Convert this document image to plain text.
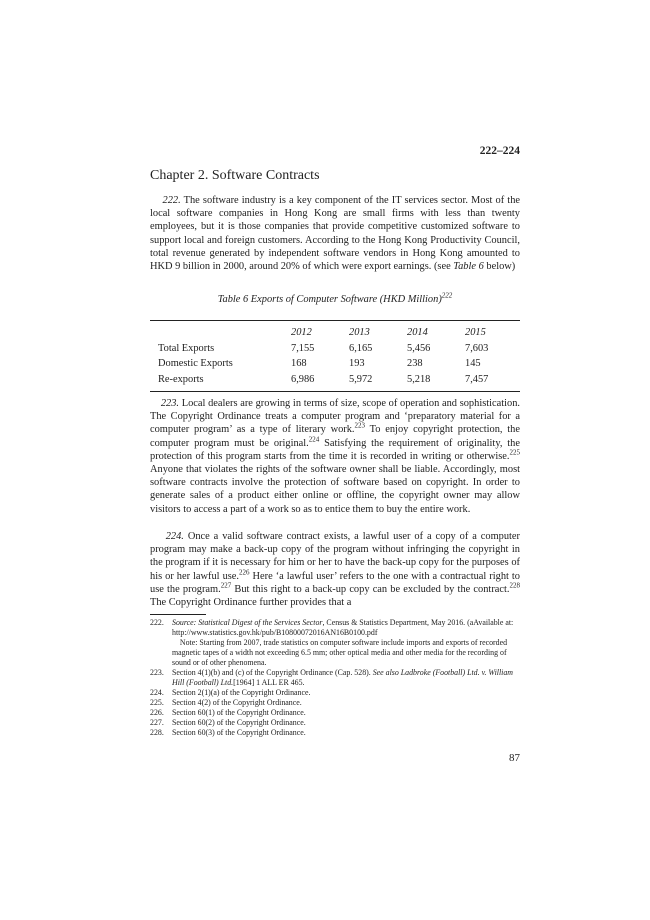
222–224
Chapter 2. Software Contracts
222. The software industry is a key component of the IT services sector. Most of the local software companies in Hong Kong are small firms with less than twenty employees, but it is those companies that provide competitive customized software to support local and foreign customers. According to the Hong Kong Productivity Council, total revenue generated by independent software vendors in Hong Kong amounted to HKD 9 billion in 2000, around 20% of which were export earnings. (see Table 6 below)
Table 6 Exports of Computer Software (HKD Million)$^{222}$

	2012	2013	2014	2015
Total Exports	7,155	6,165	5,456	7,603
Domestic Exports	168	193	238	145
Re-exports	6,986	5,972	5,218	7,457

223. Local dealers are growing in terms of size, scope of operation and sophistication. The Copyright Ordinance treats a computer program and ‘preparatory material for a computer program’ as a type of literary work.$^{223}$ To enjoy copyright protection, the computer program must be original.$^{224}$ Satisfying the requirement of originality, the protection of this program starts from the time it is recorded in writing or otherwise.$^{225}$ Anyone that violates the rights of the software owner shall be liable. Accordingly, most software contracts involve the protection of software based on copyright. In order to generate sales of a product either online or offline, the copyright owner may allow visitors to access a part of a work so as to entice them to buy the entire work.
224. Once a valid software contract exists, a lawful user of a copy of a computer program may make a back-up copy of the program without infringing the copyright in the program if it is necessary for him or her to have the back-up copy for the purposes of his or her lawful use.$^{226}$ Here ‘a lawful user’ refers to the one with a contractual right to use the program.$^{227}$ But this right to a back-up copy can be excluded by the contract.$^{228}$ The Copyright Ordinance further provides that a
222.	Source: Statistical Digest of the Services Sector, Census & Statistics Department, May 2016. (aAvailable at: http://www.statistics.gov.hk/pub/B10800072016AN16B0100.pdf
Note: Starting from 2007, trade statistics on computer software include imports and exports of recorded magnetic tapes of a width not exceeding 6.5 mm; other optical media and other media for the recording of sound or of other phenomena.
223.	Section 4(1)(b) and (c) of the Copyright Ordinance (Cap. 528). See also Ladbroke (Football) Ltd. v. William Hill (Football) Ltd.[1964] 1 ALL ER 465.
224.	Section 2(1)(a) of the Copyright Ordinance.
225.	Section 4(2) of the Copyright Ordinance.
226.	Section 60(1) of the Copyright Ordinance.
227.	Section 60(2) of the Copyright Ordinance.
228.	Section 60(3) of the Copyright Ordinance.
87
